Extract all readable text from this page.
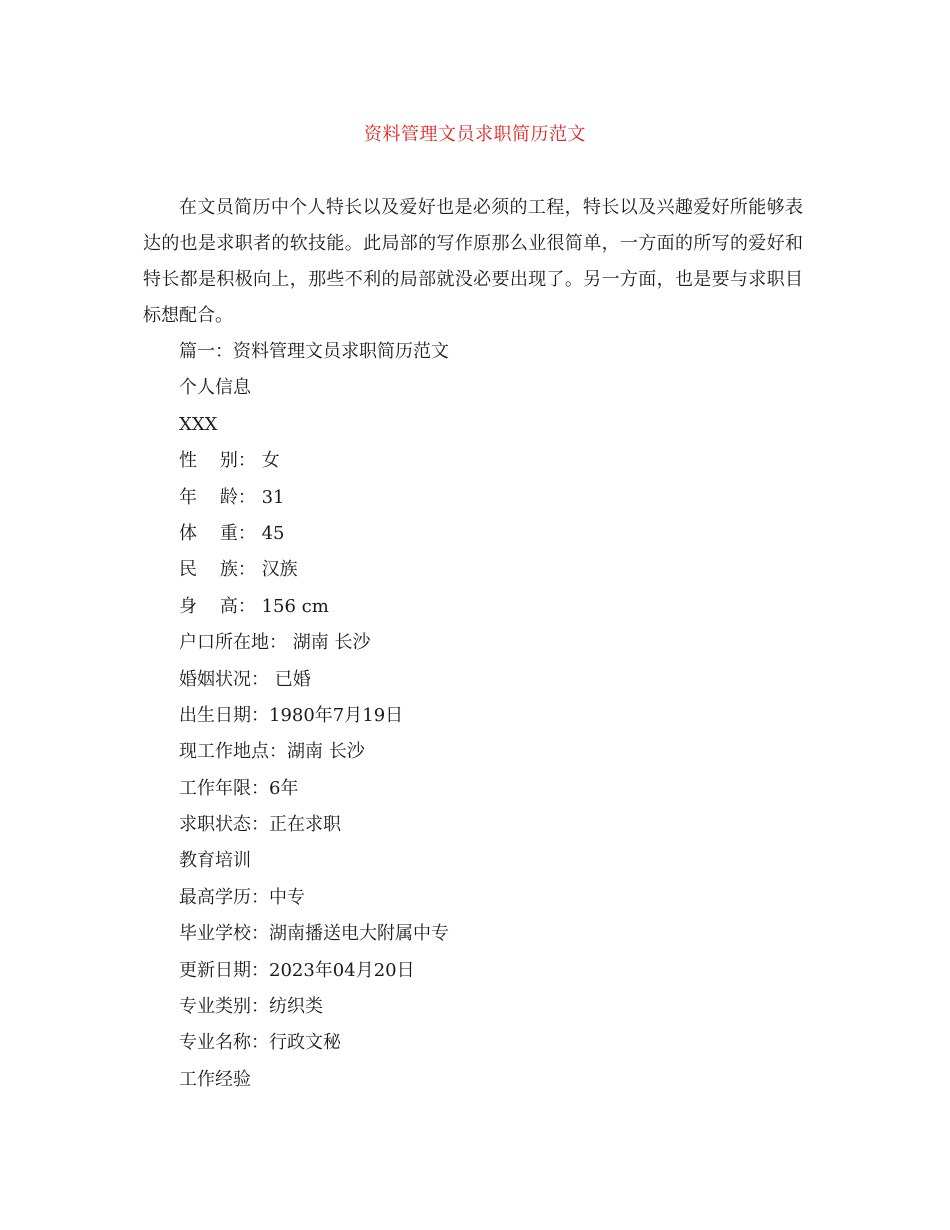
资料管理文员求职简历范文

在文员简历中个人特长以及爱好也是必须的工程，特长以及兴趣爱好所能够表达的也是求职者的软技能。此局部的写作原那么业很简单，一方面的所写的爱好和特长都是积极向上，那些不利的局部就没必要出现了。另一方面，也是要与求职目标想配合。

篇一：资料管理文员求职简历范文
个人信息
XXX
性    别： 女
年    龄： 31
体    重： 45
民    族： 汉族
身    高： 156 cm
户口所在地： 湖南 长沙
婚姻状况： 已婚
出生日期：1980年7月19日
现工作地点：湖南 长沙
工作年限：6年
求职状态：正在求职
教育培训
最高学历：中专
毕业学校：湖南播送电大附属中专
更新日期：2023年04月20日
专业类别：纺织类
专业名称：行政文秘
工作经验
